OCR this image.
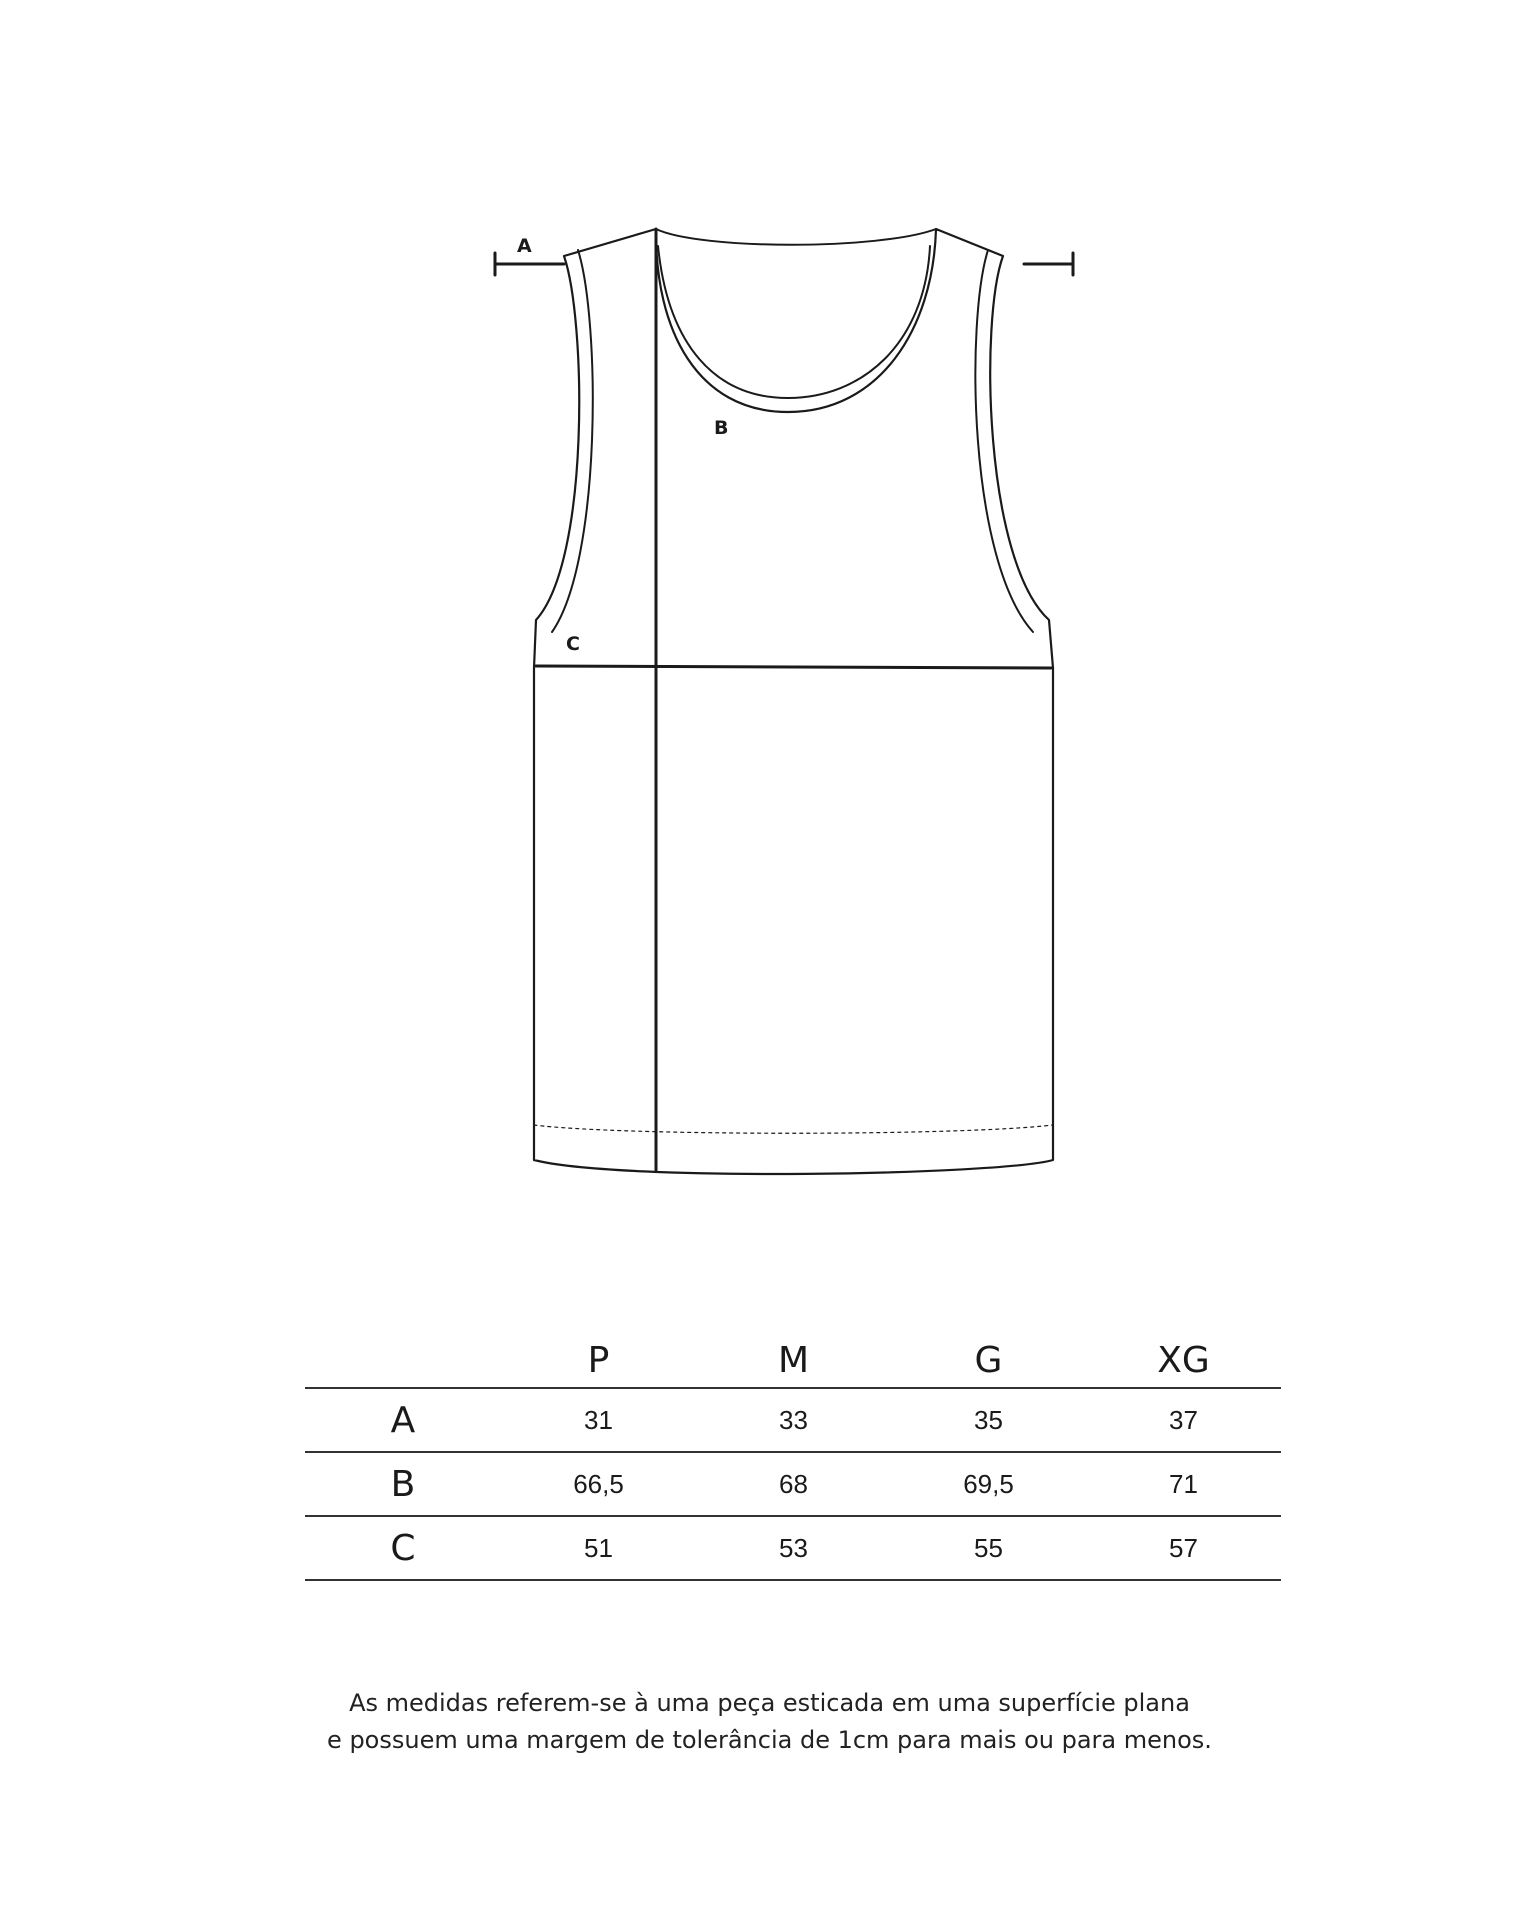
A
B
C
	P	M	G	XG
A	31	33	35	37
B	66,5	68	69,5	71
C	51	53	55	57

As medidas referem-se à uma peça esticada em uma superfície plana

e possuem uma margem de tolerância de 1cm para mais ou para menos.
